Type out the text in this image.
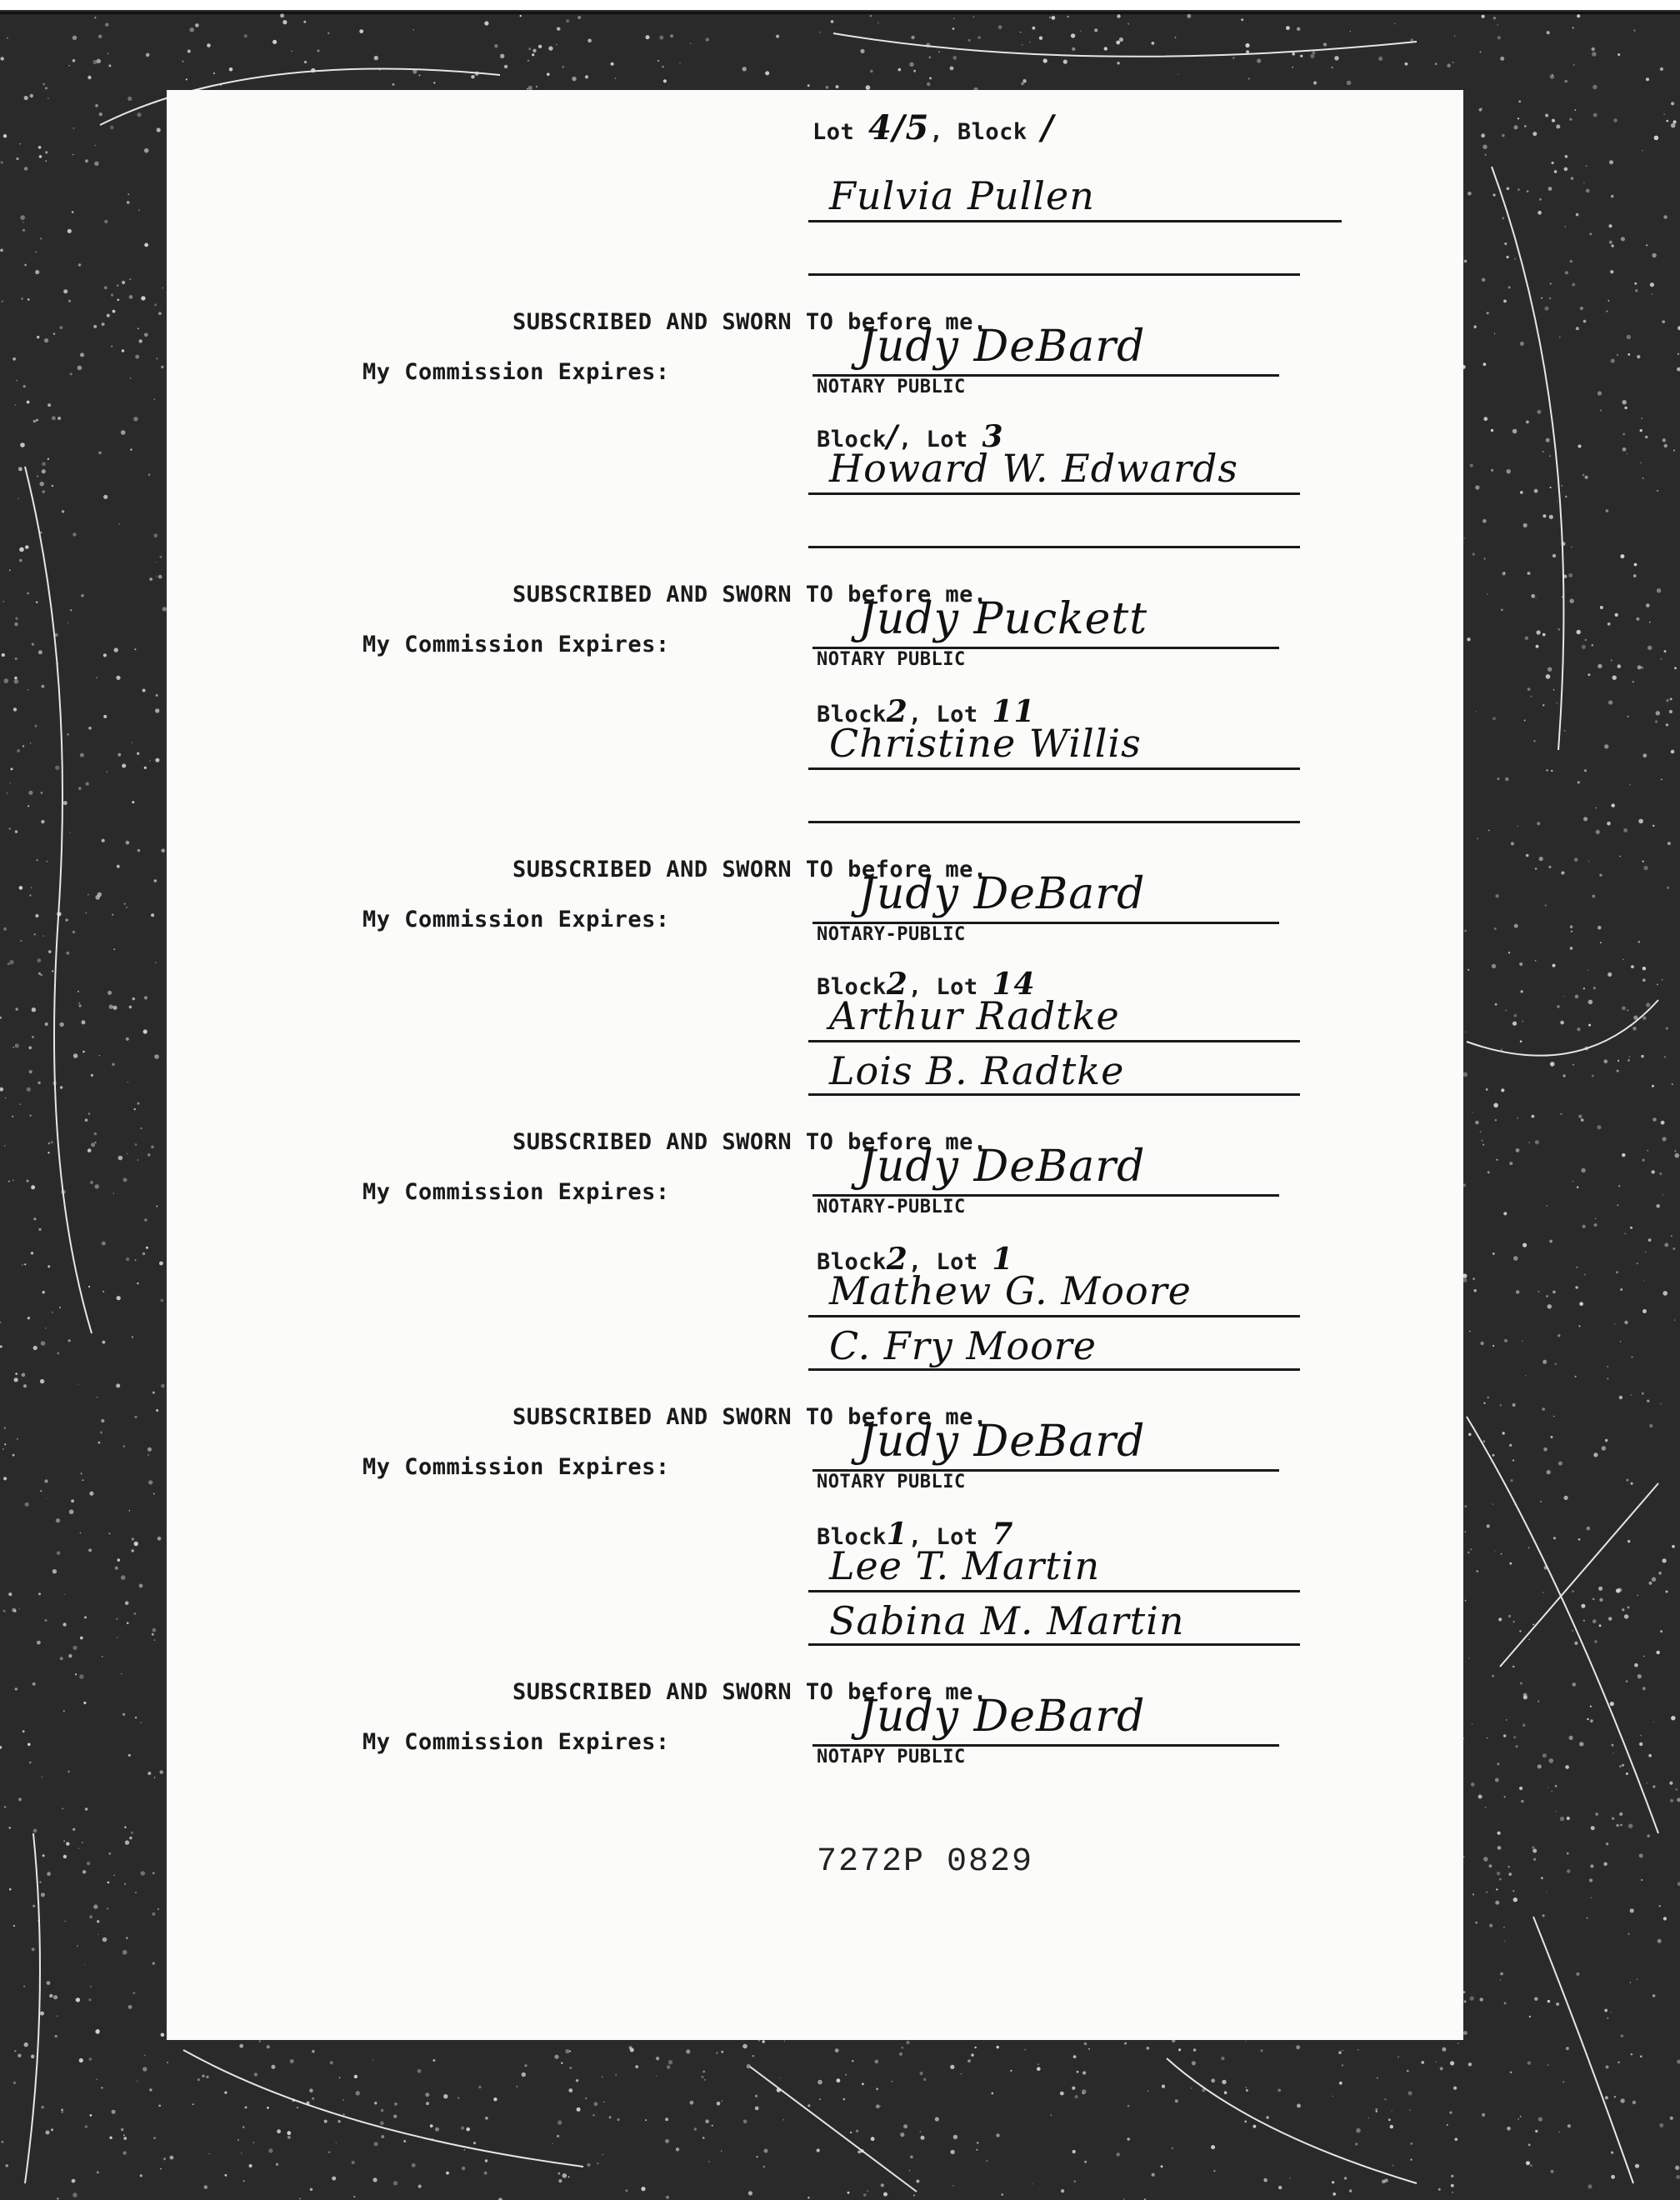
Lot 4/5, Block /
Fulvia Pullen
SUBSCRIBED AND SWORN TO before me.
My Commission Expires:
Judy DeBard
NOTARY PUBLIC
Block/, Lot 3
Howard W. Edwards
SUBSCRIBED AND SWORN TO before me.
My Commission Expires:
Judy Puckett
NOTARY PUBLIC
Block2, Lot 11
Christine Willis
SUBSCRIBED AND SWORN TO before me.
My Commission Expires:
Judy DeBard
NOTARY-PUBLIC
Block2, Lot 14
Arthur Radtke
Lois B. Radtke
SUBSCRIBED AND SWORN TO before me.
My Commission Expires:
Judy DeBard
NOTARY-PUBLIC
Block2, Lot 1
Mathew G. Moore
C. Fry Moore
SUBSCRIBED AND SWORN TO before me.
My Commission Expires:
Judy DeBard
NOTARY PUBLIC
Block1, Lot 7
Lee T. Martin
Sabina M. Martin
SUBSCRIBED AND SWORN TO before me.
My Commission Expires:
Judy DeBard
NOTAPY PUBLIC
7272P 0829
